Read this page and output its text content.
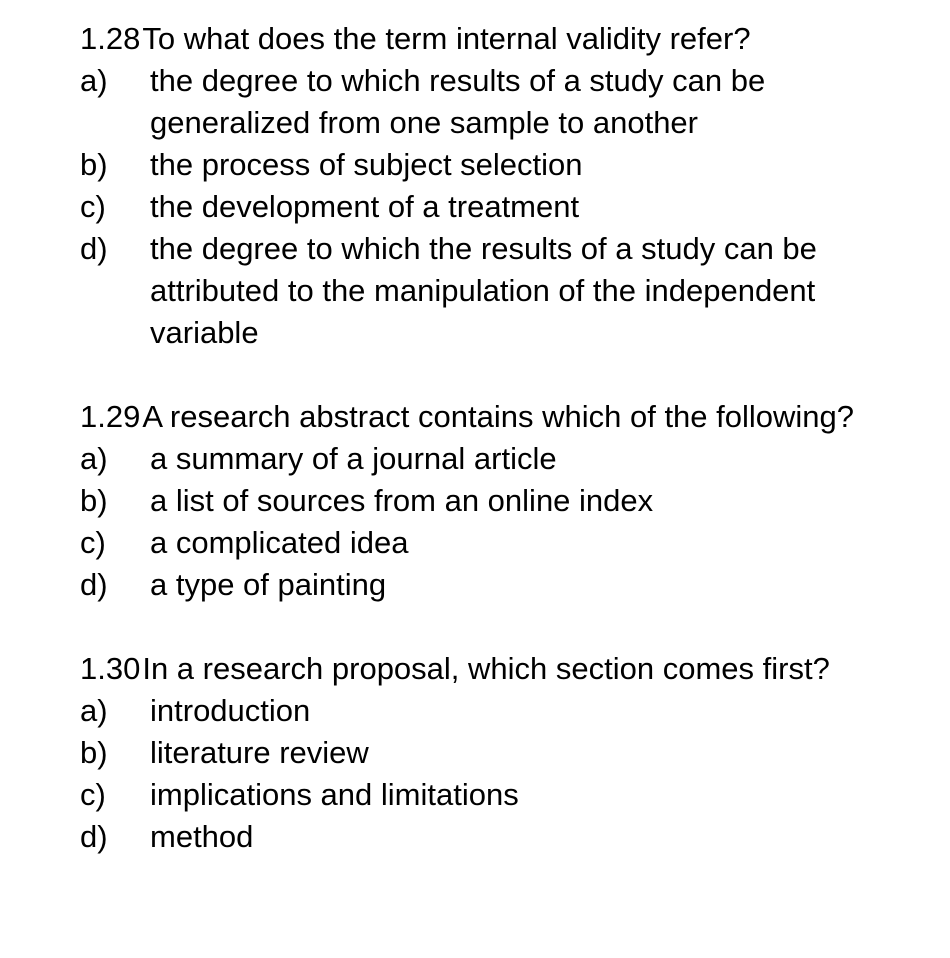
1.28 To what does the term internal validity refer?
a)	the degree to which results of a study can be
generalized from one sample to another
b)	the process of subject selection
c)	the development of a treatment
d)	the degree to which the results of a study can be
attributed to the manipulation of the independent
variable
1.29 A research abstract contains which of the following?
a)	a summary of a journal article
b)	a list of sources from an online index
c)	a complicated idea
d)	a type of painting
1.30 In a research proposal, which section comes first?
a)	introduction
b)	literature review
c)	implications and limitations
d)	method
